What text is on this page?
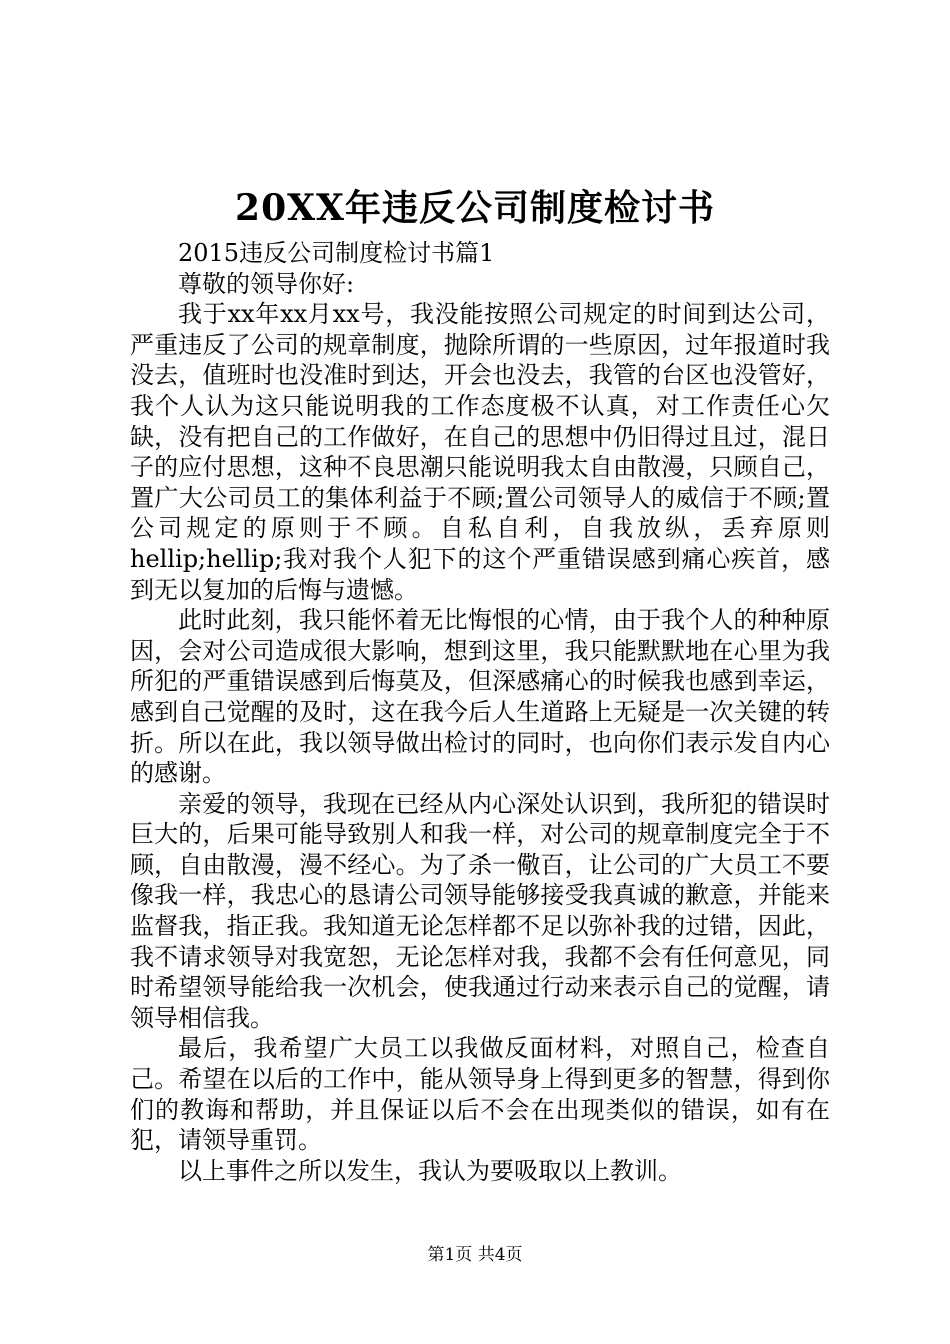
20XX年违反公司制度检讨书

2015违反公司制度检讨书篇1

尊敬的领导你好:

我于xx年xx月xx号，我没能按照公司规定的时间到达公司，严重违反了公司的规章制度，抛除所谓的一些原因，过年报道时我没去，值班时也没准时到达，开会也没去，我管的台区也没管好，我个人认为这只能说明我的工作态度极不认真，对工作责任心欠缺，没有把自己的工作做好，在自己的思想中仍旧得过且过，混日子的应付思想，这种不良思潮只能说明我太自由散漫，只顾自己，置广大公司员工的集体利益于不顾;置公司领导人的威信于不顾;置公司规定的原则于不顾。自私自利，自我放纵，丢弃原则hellip;hellip;我对我个人犯下的这个严重错误感到痛心疾首，感到无以复加的后悔与遗憾。

此时此刻，我只能怀着无比悔恨的心情，由于我个人的种种原因，会对公司造成很大影响，想到这里，我只能默默地在心里为我所犯的严重错误感到后悔莫及，但深感痛心的时候我也感到幸运，感到自己觉醒的及时，这在我今后人生道路上无疑是一次关键的转折。所以在此，我以领导做出检讨的同时，也向你们表示发自内心的感谢。

亲爱的领导，我现在已经从内心深处认识到，我所犯的错误时巨大的，后果可能导致别人和我一样，对公司的规章制度完全于不顾，自由散漫，漫不经心。为了杀一儆百，让公司的广大员工不要像我一样，我忠心的恳请公司领导能够接受我真诚的歉意，并能来监督我，指正我。我知道无论怎样都不足以弥补我的过错，因此，我不请求领导对我宽恕，无论怎样对我，我都不会有任何意见，同时希望领导能给我一次机会，使我通过行动来表示自己的觉醒，请领导相信我。

最后，我希望广大员工以我做反面材料，对照自己，检查自己。希望在以后的工作中，能从领导身上得到更多的智慧，得到你们的教诲和帮助，并且保证以后不会在出现类似的错误，如有在犯，请领导重罚。

以上事件之所以发生，我认为要吸取以上教训。

第1页 共4页
